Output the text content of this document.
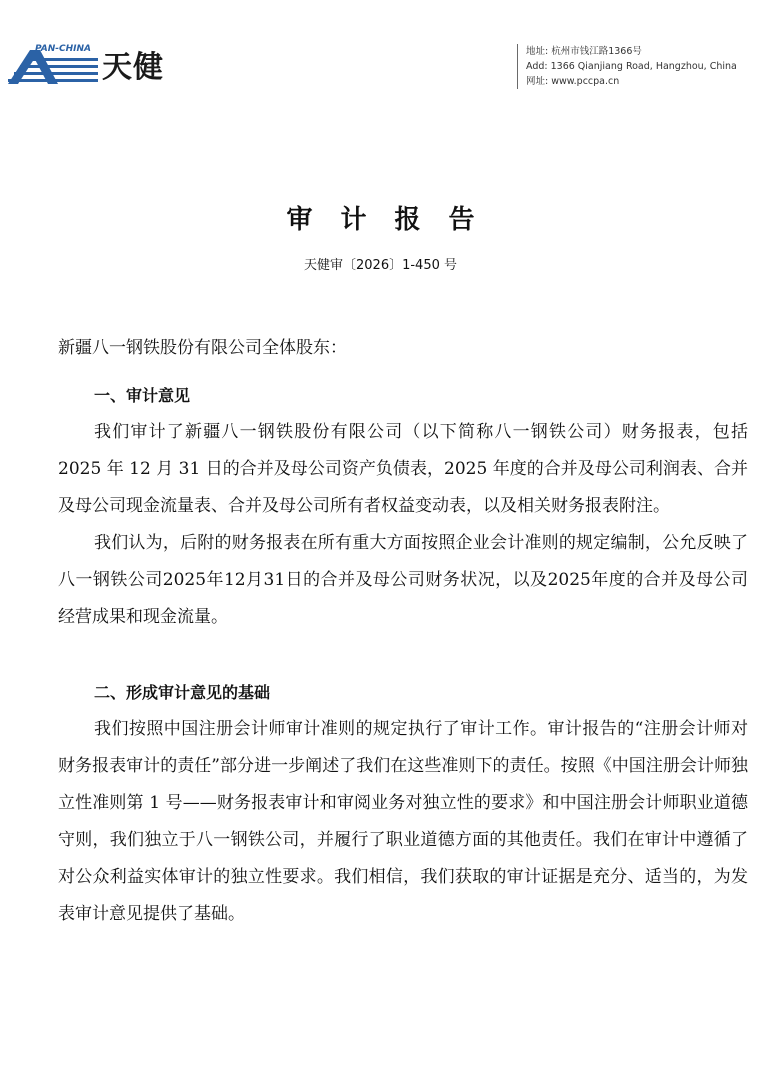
PAN-CHINA
天健	地址: 杭州市钱江路1366号
Add: 1366 Qianjiang Road, Hangzhou, China
网址: www.pccpa.cn
审计报告
天健审〔2026〕1-450 号

新疆八一钢铁股份有限公司全体股东：

一、审计意见

我们审计了新疆八一钢铁股份有限公司（以下简称八一钢铁公司）财务报表，包括 2025 年 12 月 31 日的合并及母公司资产负债表，2025 年度的合并及母公司利润表、合并及母公司现金流量表、合并及母公司所有者权益变动表，以及相关财务报表附注。

我们认为，后附的财务报表在所有重大方面按照企业会计准则的规定编制，公允反映了八一钢铁公司2025年12月31日的合并及母公司财务状况，以及2025年度的合并及母公司经营成果和现金流量。

二、形成审计意见的基础

我们按照中国注册会计师审计准则的规定执行了审计工作。审计报告的“注册会计师对财务报表审计的责任”部分进一步阐述了我们在这些准则下的责任。按照《中国注册会计师独立性准则第 1 号——财务报表审计和审阅业务对独立性的要求》和中国注册会计师职业道德守则，我们独立于八一钢铁公司，并履行了职业道德方面的其他责任。我们在审计中遵循了对公众利益实体审计的独立性要求。我们相信，我们获取的审计证据是充分、适当的，为发表审计意见提供了基础。
